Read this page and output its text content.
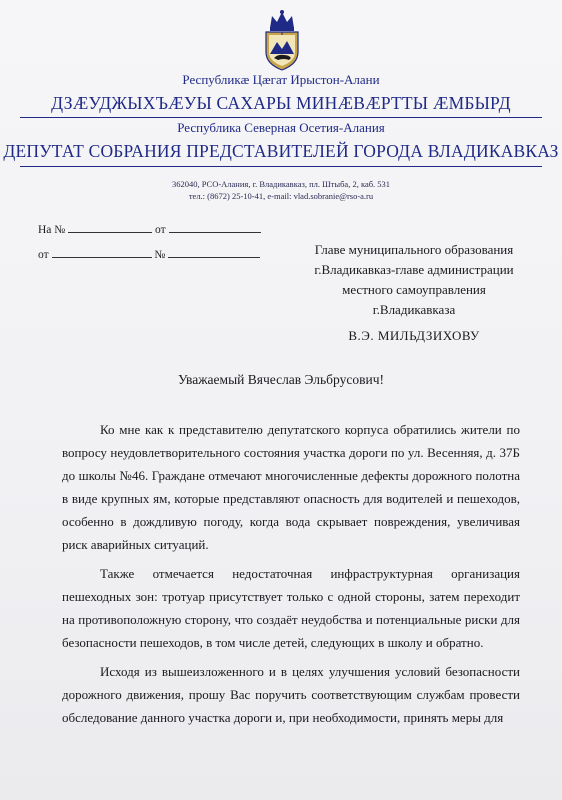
Республикӕ Цӕгат Ирыстон-Алани
ДЗӔУДЖЫХЪӔУЫ САХАРЫ МИНӔВӔРТТЫ ӔМБЫРД
Республика Северная Осетия-Алания
ДЕПУТАТ СОБРАНИЯ ПРЕДСТАВИТЕЛЕЙ ГОРОДА ВЛАДИКАВКАЗ
362040, РСО-Алания, г. Владикавказ, пл. Штыба, 2, каб. 531
тел.: (8672) 25-10-41, e-mail: vlad.sobranie@rso-a.ru
На №	от
от	№	Главе муниципального образования
г.Владикавказ-главе администрации
местного самоуправления
г.Владикавказа
В.Э. МИЛЬДЗИХОВУ
Уважаемый Вячеслав Эльбрусович!

Ко мне как к представителю депутатского корпуса обратились жители по вопросу неудовлетворительного состояния участка дороги по ул. Весенняя, д. 37Б до школы №46. Граждане отмечают многочисленные дефекты дорожного полотна в виде крупных ям, которые представляют опасность для водителей и пешеходов, особенно в дождливую погоду, когда вода скрывает повреждения, увеличивая риск аварийных ситуаций.

Также отмечается недостаточная инфраструктурная организация пешеходных зон: тротуар присутствует только с одной стороны, затем переходит на противоположную сторону, что создаёт неудобства и потенциальные риски для безопасности пешеходов, в том числе детей, следующих в школу и обратно.

Исходя из вышеизложенного и в целях улучшения условий безопасности дорожного движения, прошу Вас поручить соответствующим службам провести обследование данного участка дороги и, при необходимости, принять меры для
